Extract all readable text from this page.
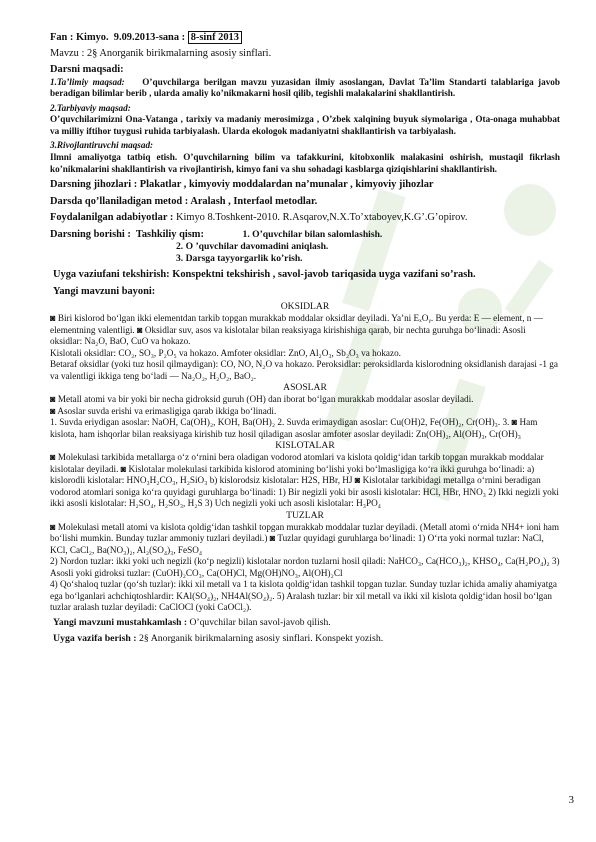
Fan : Kimyo. 9.09.2013-sana : 8-sinf 2013

Mavzu : 2§ Anorganik birikmalarning asosiy sinflari.

Darsni maqsadi:

1.Ta’limiy maqsad: O’quvchilarga berilgan mavzu yuzasidan ilmiy asoslangan, Davlat Ta’lim Standarti talablariga javob beradigan bilimlar berib , ularda amaliy ko’nikmakarni hosil qilib, tegishli malakalarini shakllantirish.

2.Tarbiyaviy maqsad:

O’quvchilarimizni Ona-Vatanga , tarixiy va madaniy merosimizga , O’zbek xalqining buyuk siymolariga , Ota-onaga muhabbat va milliy iftihor tuygusi ruhida tarbiyalash. Ularda ekologok madaniyatni shakllantirish va tarbiyalash.

3.Rivojlantiruvchi maqsad:

Ilmni amaliyotga tatbiq etish. O’quvchilarning bilim va tafakkurini, kitobxonlik malakasini oshirish, mustaqil fikrlash ko’nikmalarini shakllantirish va rivojlantirish, kimyo fani va shu sohadagi kasblarga qiziqishlarini shakllantirish.

Darsning jihozlari : Plakatlar , kimyoviy moddalardan na’munalar , kimyoviy jihozlar

Darsda qo’llaniladigan metod : Aralash , Interfaol metodlar.

Foydalanilgan adabiyotlar : Kimyo 8.Toshkent-2010. R.Asqarov,N.X.To’xtaboyev,K.G’.G’opirov.

Darsning borishi : Tashkiliy qism:	1. O’quvchilar bilan salomlashish.

2. O ’quvchilar davomadini aniqlash.

3. Darsga tayyorgarlik ko’rish.

Uyga vaziufani tekshirish: Konspektni tekshirish , savol-javob tariqasida uyga vazifani so’rash.

Yangi mavzuni bayoni:

OKSIDLAR

◙ Biri kislorod bo‘lgan ikki elementdan tarkib topgan murakkab moddalar oksidlar deyiladi. Ya’ni EₓOᵧ. Bu yerda: E — element, n — elementning valentligi. ◙ Oksidlar suv, asos va kislotalar bilan reaksiyaga kirishishiga qarab, bir nechta guruhga bo‘linadi: Asosli oksidlar: Na₂O, BaO, CuO va hokazo.

Kislotali oksidlar: CO₂, SO₃, P₂O₅ va hokazo. Amfoter oksidlar: ZnO, Al₂O₃, Sb₂O₃ va hokazo.

Betaraf oksidlar (yoki tuz hosil qilmaydigan): CO, NO, N₂O va hokazo. Peroksidlar: peroksidlarda kislorodning oksidlanish darajasi -1 ga va valentligi ikkiga teng bo‘ladi — Na₂O₂, H₂O₂, BaO₂.

ASOSLAR

◙ Metall atomi va bir yoki bir necha gidroksid guruh (OH) dan iborat bo‘lgan murakkab moddalar asoslar deyiladi.

◙ Asoslar suvda erishi va erimasligiga qarab ikkiga bo‘linadi.

1. Suvda eriydigan asoslar: NaOH, Ca(OH)₂, KOH, Ba(OH)₂ 2. Suvda erimaydigan asoslar: Cu(OH)2, Fe(OH)₂, Cr(OH)₃. 3. ◙ Ham kislota, ham ishqorlar bilan reaksiyaga kirishib tuz hosil qiladigan asoslar amfoter asoslar deyiladi: Zn(OH)₂, Al(OH)₃, Cr(OH)₃

KISLOTALAR

◙ Molekulasi tarkibida metallarga o‘z o‘rnini bera oladigan vodorod atomlari va kislota qoldig‘idan tarkib topgan murakkab moddalar kislotalar deyiladi. ◙ Kislotalar molekulasi tarkibida kislorod atomining bo‘lishi yoki bo‘lmasligiga ko‘ra ikki guruhga bo‘linadi: a) kislorodli kislotalar: HNO₃H₂CO₃, H₂SiO₃ b) kislorodsiz kislotalar: H2S, HBr, HJ ◙ Kislotalar tarkibidagi metallga o‘rnini beradigan vodorod atomlari soniga ko‘ra quyidagi guruhlarga bo‘linadi: 1) Bir negizli yoki bir asosli kislotalar: HCl, HBr, HNO₃ 2) Ikki negizli yoki ikki asosli kislotalar: H₂SO₄, H₂SO₃, H₂S 3) Uch negizli yoki uch asosli kislotalar: H₃PO₄

TUZLAR

◙ Molekulasi metall atomi va kislota qoldig‘idan tashkil topgan murakkab moddalar tuzlar deyiladi. (Metall atomi o‘rnida NH4+ ioni ham bo‘lishi mumkin. Bunday tuzlar ammoniy tuzlari deyiladi.) ◙ Tuzlar quyidagi guruhlarga bo‘linadi: 1) O‘rta yoki normal tuzlar: NaCl, KCl, CaCl₂, Ba(NO₃)₂, Al₂(SO₄)₃, FeSO₄

2) Nordon tuzlar: ikki yoki uch negizli (ko‘p negizli) kislotalar nordon tuzlarni hosil qiladi: NaHCO₃, Ca(HCO₃)₂, KHSO₄, Ca(H₂PO₄)₂ 3) Asosli yoki gidroksi tuzlar: (CuOH)₂CO₃, Ca(OH)Cl, Mg(OH)NO₃, Al(OH)₂Cl

4) Qo‘shaloq tuzlar (qo‘sh tuzlar): ikki xil metall va 1 ta kislota qoldig‘idan tashkil topgan tuzlar. Sunday tuzlar ichida amaliy ahamiyatga ega bo‘lganlari achchiqtoshlardir: KAl(SO₄)₂, NH4Al(SO₄)₂. 5) Aralash tuzlar: bir xil metall va ikki xil kislota qoldig‘idan hosil bo‘lgan tuzlar aralash tuzlar deyiladi: CaClOCl (yoki CaOCl₂).

Yangi mavzuni mustahkamlash : O’quvchilar bilan savol-javob qilish.

Uyga vazifa berish : 2§ Anorganik birikmalarning asosiy sinflari. Konspekt yozish.

3
